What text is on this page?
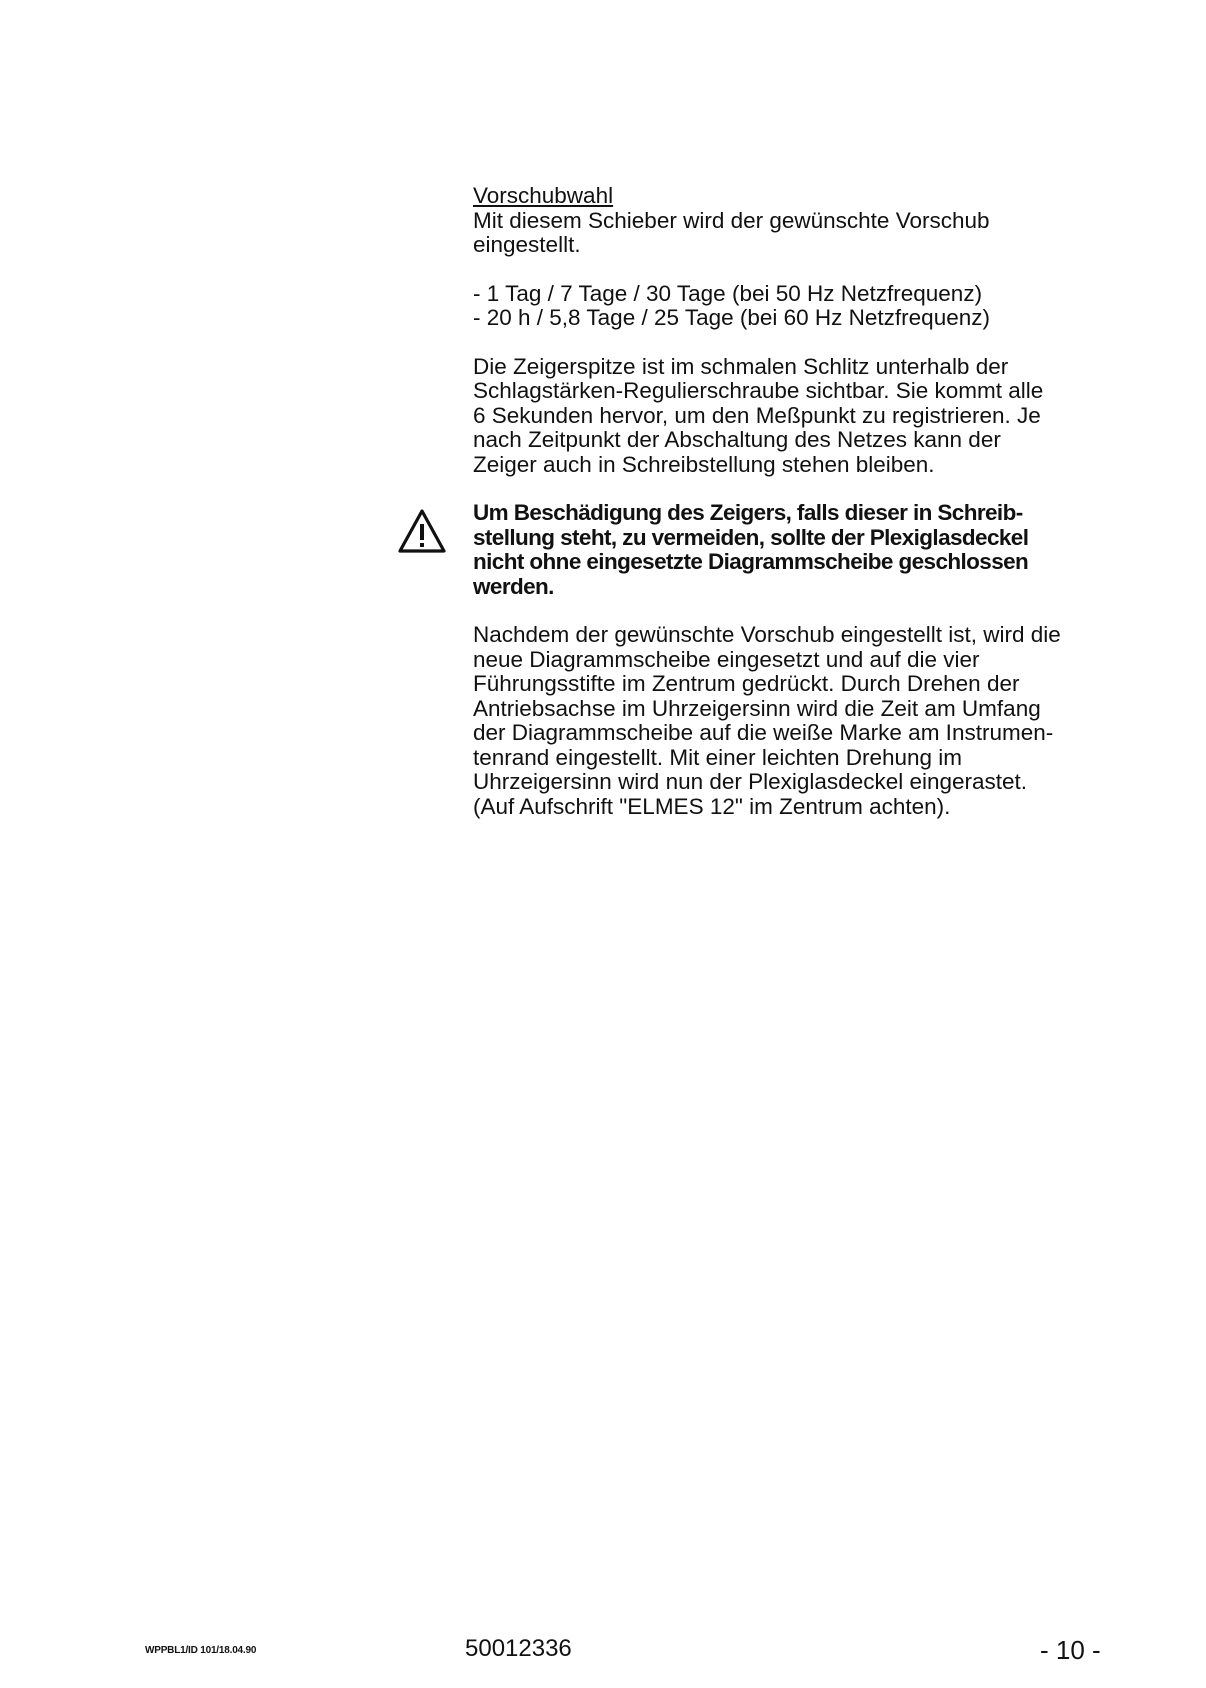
Vorschubwahl

Mit diesem Schieber wird der gewünschte Vorschub
eingestellt.

- 1 Tag / 7 Tage / 30 Tage (bei 50 Hz Netzfrequenz)
- 20 h / 5,8 Tage / 25 Tage (bei 60 Hz Netzfrequenz)

Die Zeigerspitze ist im schmalen Schlitz unterhalb der
Schlagstärken-Regulierschraube sichtbar. Sie kommt alle
6 Sekunden hervor, um den Meßpunkt zu registrieren. Je
nach Zeitpunkt der Abschaltung des Netzes kann der
Zeiger auch in Schreibstellung stehen bleiben.

Um Beschädigung des Zeigers, falls dieser in Schreib-
stellung steht, zu vermeiden, sollte der Plexiglasdeckel
nicht ohne eingesetzte Diagrammscheibe geschlossen
werden.

Nachdem der gewünschte Vorschub eingestellt ist, wird die
neue Diagrammscheibe eingesetzt und auf die vier
Führungsstifte im Zentrum gedrückt. Durch Drehen der
Antriebsachse im Uhrzeigersinn wird die Zeit am Umfang
der Diagrammscheibe auf die weiße Marke am Instrumen-
tenrand eingestellt. Mit einer leichten Drehung im
Uhrzeigersinn wird nun der Plexiglasdeckel eingerastet.
(Auf Aufschrift "ELMES 12" im Zentrum achten).

WPPBL1/ID 101/18.04.90	50012336	- 10 -
